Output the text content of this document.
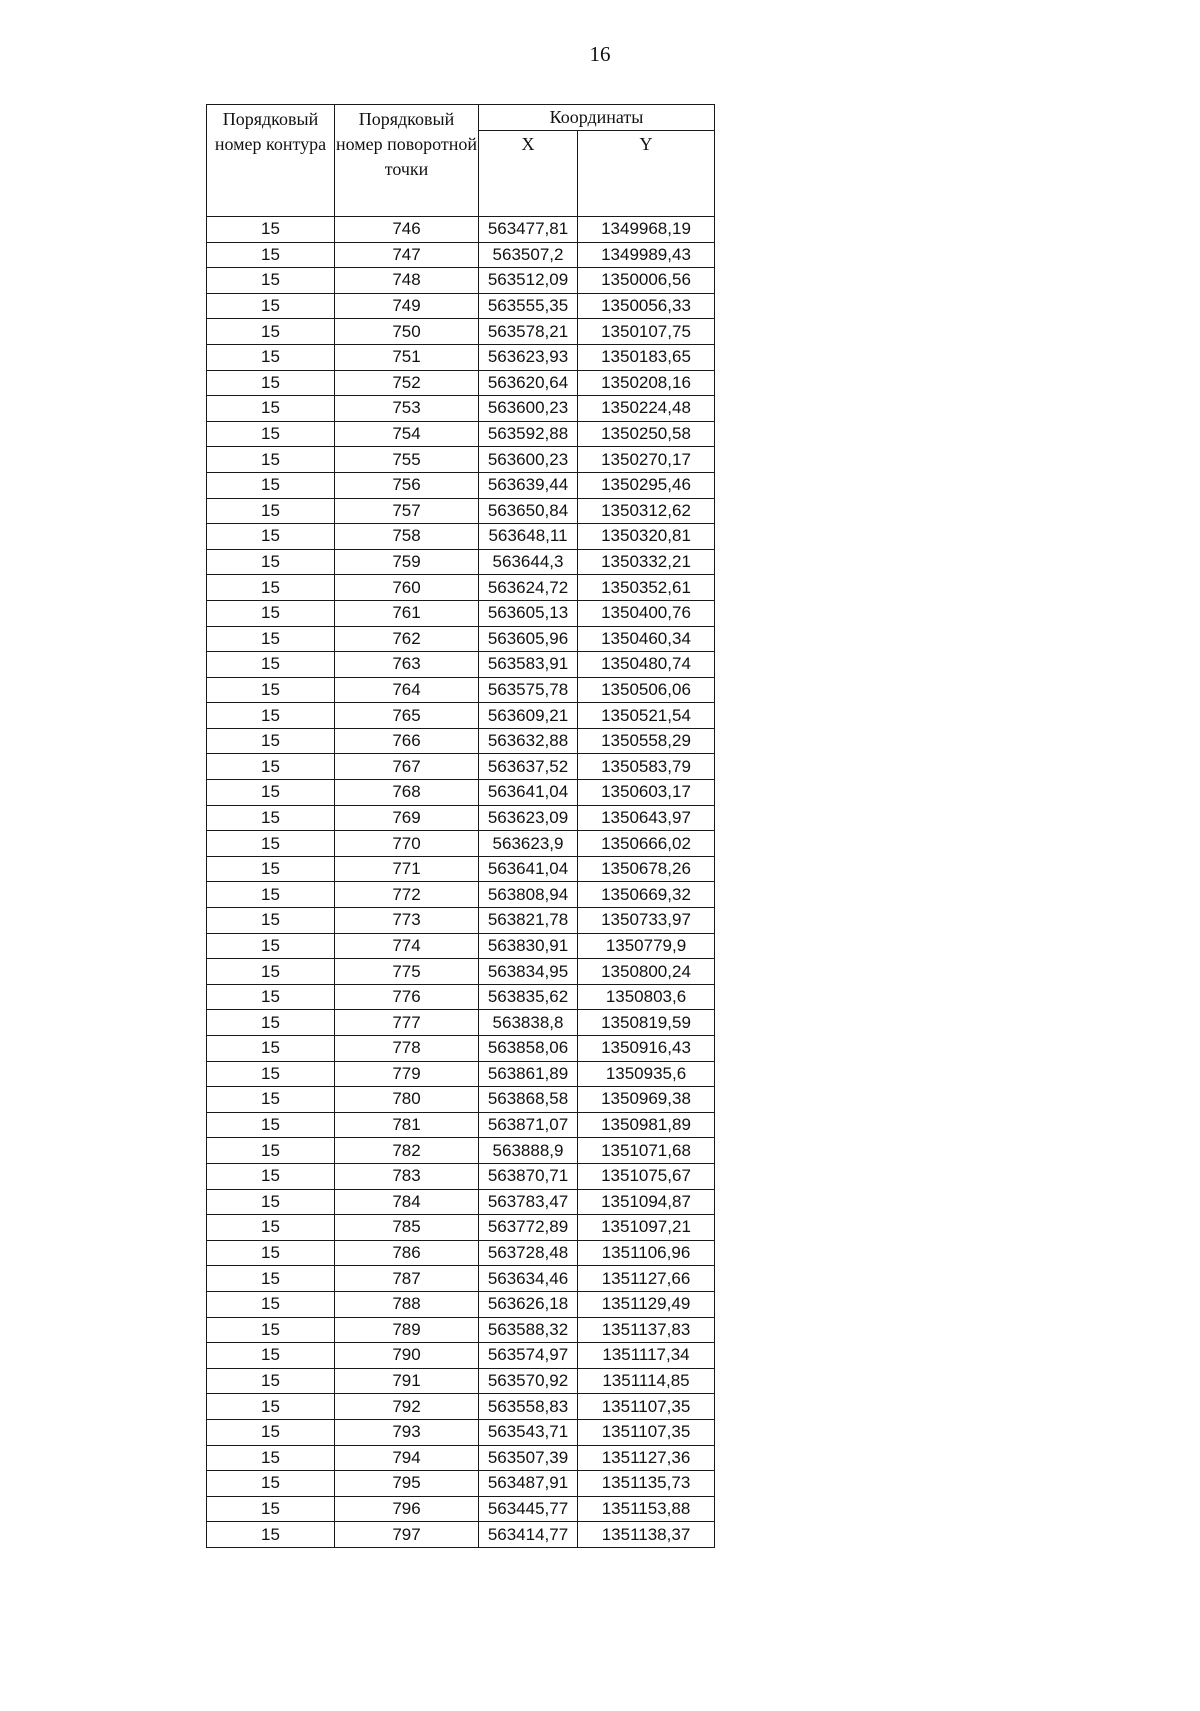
16
Порядковый номер контура	Порядковый номер поворотной точки	Координаты	
		X	Y
15	746	563477,81	1349968,19
15	747	563507,2	1349989,43
15	748	563512,09	1350006,56
15	749	563555,35	1350056,33
15	750	563578,21	1350107,75
15	751	563623,93	1350183,65
15	752	563620,64	1350208,16
15	753	563600,23	1350224,48
15	754	563592,88	1350250,58
15	755	563600,23	1350270,17
15	756	563639,44	1350295,46
15	757	563650,84	1350312,62
15	758	563648,11	1350320,81
15	759	563644,3	1350332,21
15	760	563624,72	1350352,61
15	761	563605,13	1350400,76
15	762	563605,96	1350460,34
15	763	563583,91	1350480,74
15	764	563575,78	1350506,06
15	765	563609,21	1350521,54
15	766	563632,88	1350558,29
15	767	563637,52	1350583,79
15	768	563641,04	1350603,17
15	769	563623,09	1350643,97
15	770	563623,9	1350666,02
15	771	563641,04	1350678,26
15	772	563808,94	1350669,32
15	773	563821,78	1350733,97
15	774	563830,91	1350779,9
15	775	563834,95	1350800,24
15	776	563835,62	1350803,6
15	777	563838,8	1350819,59
15	778	563858,06	1350916,43
15	779	563861,89	1350935,6
15	780	563868,58	1350969,38
15	781	563871,07	1350981,89
15	782	563888,9	1351071,68
15	783	563870,71	1351075,67
15	784	563783,47	1351094,87
15	785	563772,89	1351097,21
15	786	563728,48	1351106,96
15	787	563634,46	1351127,66
15	788	563626,18	1351129,49
15	789	563588,32	1351137,83
15	790	563574,97	1351117,34
15	791	563570,92	1351114,85
15	792	563558,83	1351107,35
15	793	563543,71	1351107,35
15	794	563507,39	1351127,36
15	795	563487,91	1351135,73
15	796	563445,77	1351153,88
15	797	563414,77	1351138,37
